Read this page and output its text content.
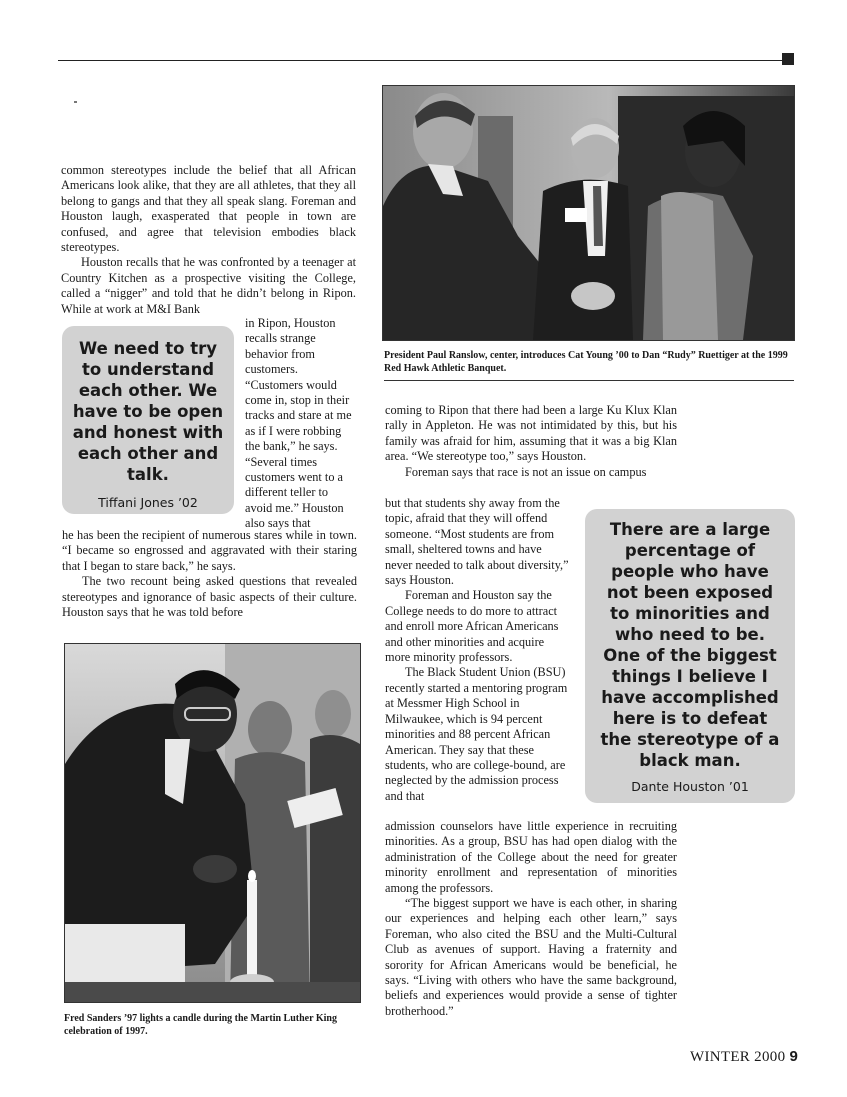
common stereotypes include the belief that all African Americans look alike, that they are all athletes, that they all belong to gangs and that they all speak slang. Foreman and Houston laugh, exasperated that people in town are confused, and agree that television embodies black stereotypes.

Houston recalls that he was confronted by a teenager at Country Kitchen as a prospective visiting the College, called a “nigger” and told that he didn’t belong in Ripon. While at work at M&I Bank

We need to try to understand each other. We have to be open and honest with each other and talk.
Tiffani Jones ’02

in Ripon, Houston recalls strange behavior from customers. “Customers would come in, stop in their tracks and stare at me as if I were robbing the bank,” he says. “Several times customers went to a different teller to avoid me.” Houston also says that

he has been the recipient of numerous stares while in town. “I became so engrossed and aggravated with their staring that I began to stare back,” he says.

The two recount being asked questions that revealed stereotypes and ignorance of basic aspects of their culture. Houston says that he was told before

President Paul Ranslow, center, introduces Cat Young ’00 to Dan “Rudy” Ruettiger at the 1999 Red Hawk Athletic Banquet.

coming to Ripon that there had been a large Ku Klux Klan rally in Appleton. He was not intimidated by this, but his family was afraid for him, assuming that it was a big Klan area. “We stereotype too,” says Houston.

Foreman says that race is not an issue on campus

but that students shy away from the topic, afraid that they will offend someone. “Most students are from small, sheltered towns and have never needed to talk about diversity,” says Houston.

Foreman and Houston say the College needs to do more to attract and enroll more African Americans and other minorities and acquire more minority professors.

The Black Student Union (BSU) recently started a mentoring program at Messmer High School in Milwaukee, which is 94 percent minorities and 88 percent African American. They say that these students, who are college-bound, are neglected by the admission process and that

There are a large percentage of people who have not been exposed to minorities and who need to be. One of the biggest things I believe I have accomplished here is to defeat the stereotype of a black man.
Dante Houston ’01

admission counselors have little experience in recruiting minorities. As a group, BSU has had open dialog with the administration of the College about the need for greater minority enrollment and representation of minorities among the professors.

“The biggest support we have is each other, in sharing our experiences and helping each other learn,” says Foreman, who also cited the BSU and the Multi-Cultural Club as avenues of support. Having a fraternity and sorority for African Americans would be beneficial, he says. “Living with others who have the same background, beliefs and experiences would provide a sense of tighter brotherhood.”

Fred Sanders ’97 lights a candle during the Martin Luther King celebration of 1997.

WINTER 2000 9
